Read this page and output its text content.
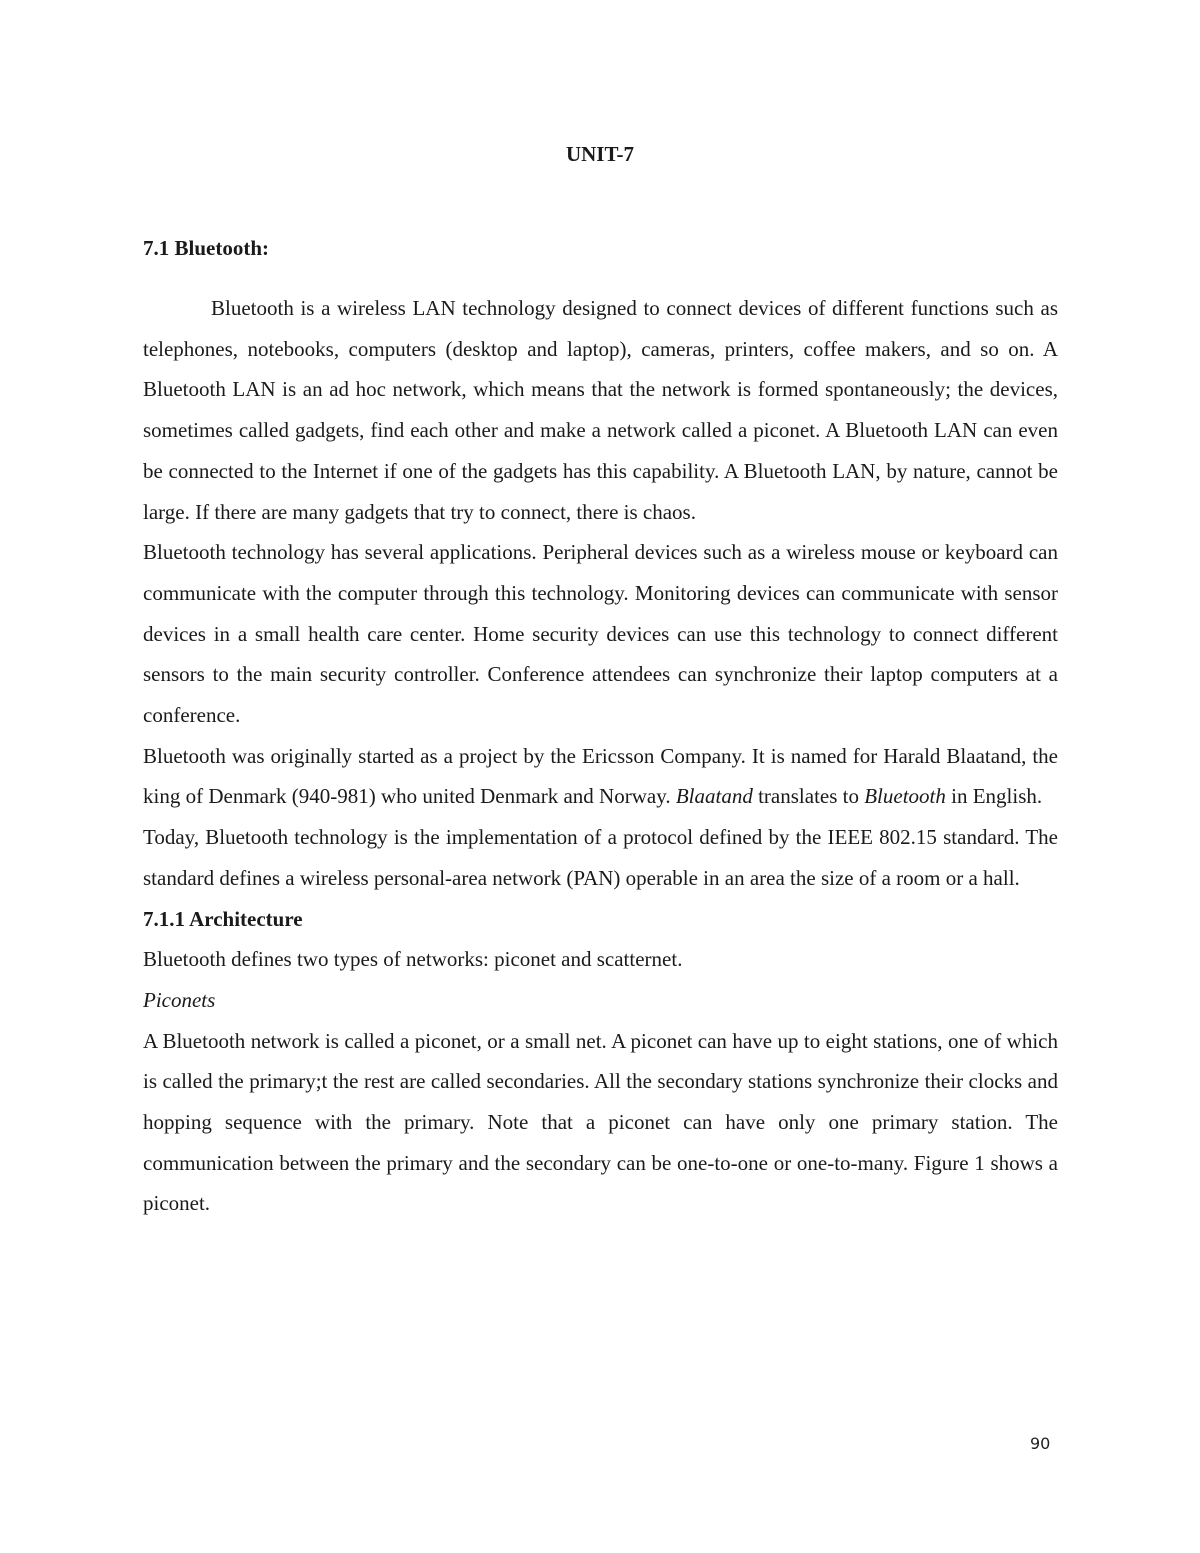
UNIT-7
7.1 Bluetooth:

Bluetooth is a wireless LAN technology designed to connect devices of different functions such as telephones, notebooks, computers (desktop and laptop), cameras, printers, coffee makers, and so on. A Bluetooth LAN is an ad hoc network, which means that the network is formed spontaneously; the devices, sometimes called gadgets, find each other and make a network called a piconet. A Bluetooth LAN can even be connected to the Internet if one of the gadgets has this capability. A Bluetooth LAN, by nature, cannot be large. If there are many gadgets that try to connect, there is chaos.

Bluetooth technology has several applications. Peripheral devices such as a wireless mouse or keyboard can communicate with the computer through this technology. Monitoring devices can communicate with sensor devices in a small health care center. Home security devices can use this technology to connect different sensors to the main security controller. Conference attendees can synchronize their laptop computers at a conference.

Bluetooth was originally started as a project by the Ericsson Company. It is named for Harald Blaatand, the king of Denmark (940-981) who united Denmark and Norway. Blaatand translates to Bluetooth in English.

Today, Bluetooth technology is the implementation of a protocol defined by the IEEE 802.15 standard. The standard defines a wireless personal-area network (PAN) operable in an area the size of a room or a hall.

7.1.1 Architecture

Bluetooth defines two types of networks: piconet and scatternet.

Piconets

A Bluetooth network is called a piconet, or a small net. A piconet can have up to eight stations, one of which is called the primary;t the rest are called secondaries. All the secondary stations synchronize their clocks and hopping sequence with the primary. Note that a piconet can have only one primary station. The communication between the primary and the secondary can be one-to-one or one-to-many. Figure 1 shows a piconet.

90
